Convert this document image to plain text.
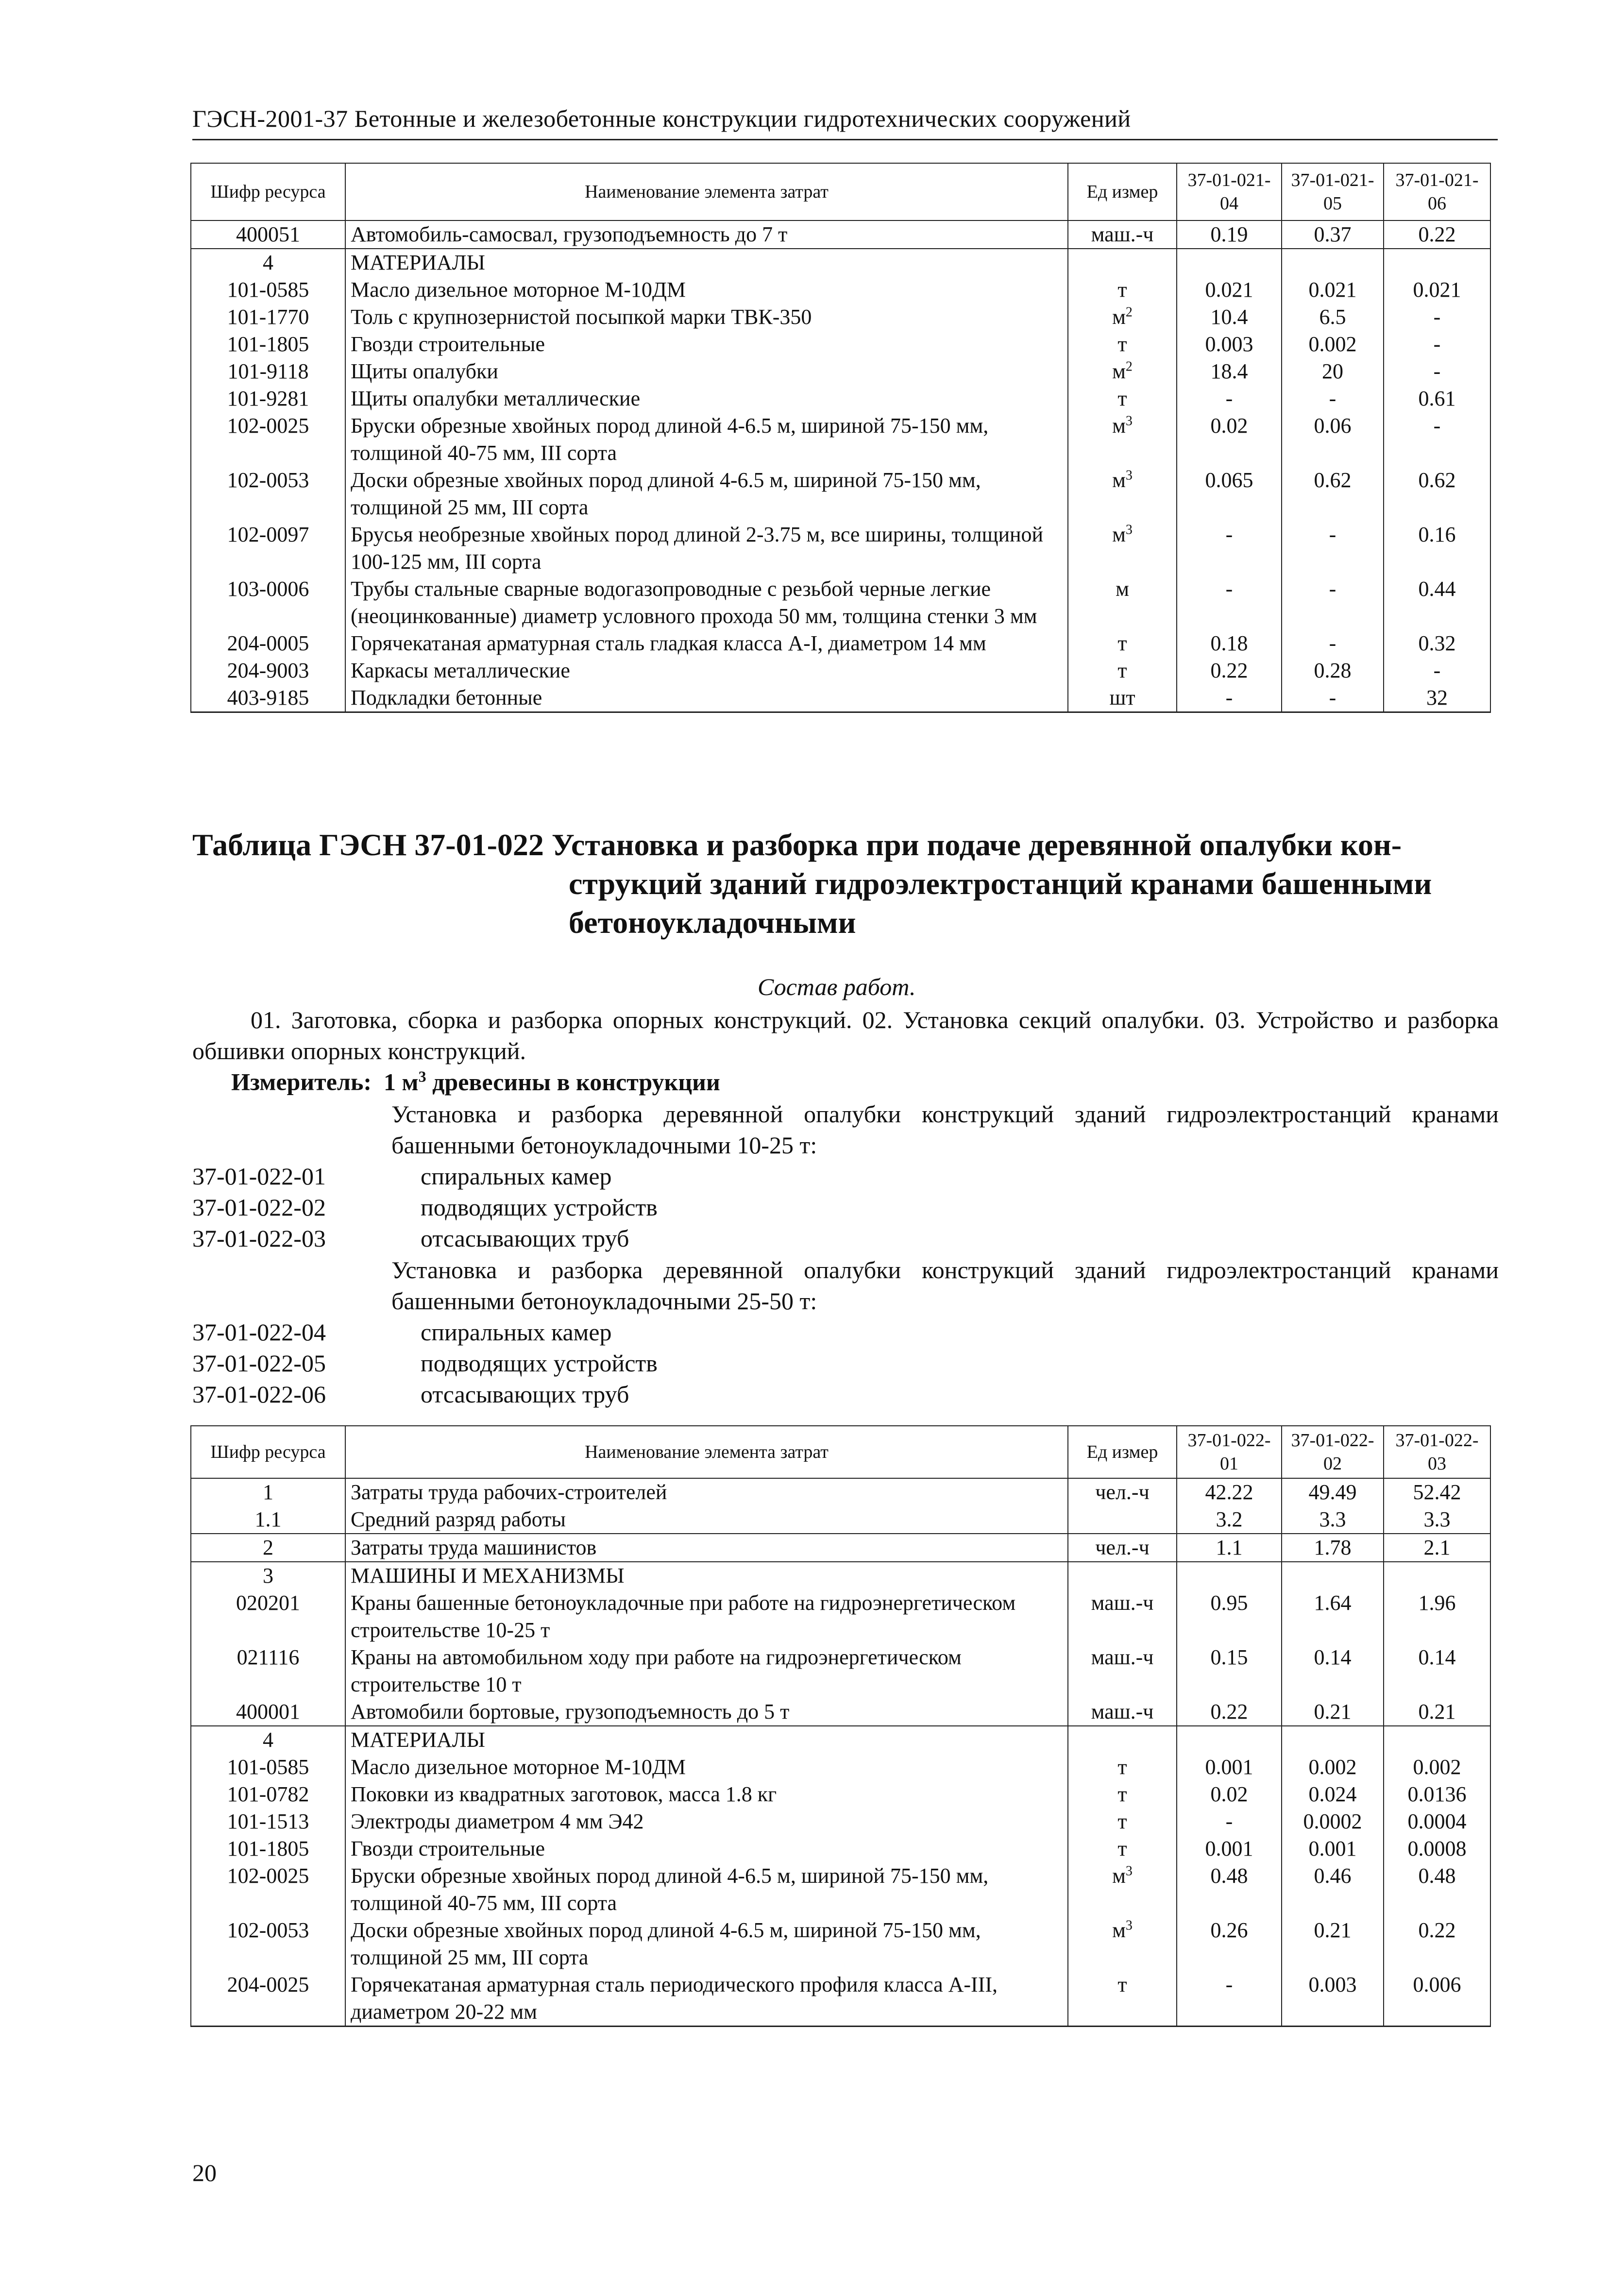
ГЭСН-2001-37 Бетонные и железобетонные конструкции гидротехнических сооружений
Шифр ресурса	Наименование элемента затрат	Ед измер	37-01-021-04	37-01-021-05	37-01-021-06
400051	Автомобиль-самосвал, грузоподъемность до 7 т	маш.-ч	0.19	0.37	0.22
4	МАТЕРИАЛЫ				
101-0585	Масло дизельное моторное М-10ДМ	т	0.021	0.021	0.021
101-1770	Толь с крупнозернистой посыпкой марки ТВК-350	$м^2$	10.4	6.5	-
101-1805	Гвозди строительные	т	0.003	0.002	-
101-9118	Щиты опалубки	$м^2$	18.4	20	-
101-9281	Щиты опалубки металлические	т	-	-	0.61
102-0025	Бруски обрезные хвойных пород длиной 4-6.5 м, шириной 75-150 мм, толщиной 40-75 мм, III сорта	$м^3$	0.02	0.06	-
102-0053	Доски обрезные хвойных пород длиной 4-6.5 м, шириной 75-150 мм, толщиной 25 мм, III сорта	$м^3$	0.065	0.62	0.62
102-0097	Брусья необрезные хвойных пород длиной 2-3.75 м, все ширины, толщиной 100-125 мм, III сорта	$м^3$	-	-	0.16
103-0006	Трубы стальные сварные водогазопроводные с резьбой черные легкие (неоцинкованные) диаметр условного прохода 50 мм, толщина стенки 3 мм	м	-	-	0.44
204-0005	Горячекатаная арматурная сталь гладкая класса А-I, диаметром 14 мм	т	0.18	-	0.32
204-9003	Каркасы металлические	т	0.22	0.28	-
403-9185	Подкладки бетонные	шт	-	-	32
Таблица ГЭСН 37-01-022 Установка и разборка при подаче деревянной опалубки кон-
струкций зданий гидроэлектростанций кранами башенными
бетоноукладочными
Состав работ.
01. Заготовка, сборка и разборка опорных конструкций. 02. Установка секций опалубки. 03. Устройство и разборка обшивки опорных конструкций.
Измеритель: 1 $м^3$ древесины в конструкции
Установка и разборка деревянной опалубки конструкций зданий гидроэлектростанций кранами башенными бетоноукладочными 10-25 т:
37-01-022-01	спиральных камер
37-01-022-02	подводящих устройств
37-01-022-03	отсасывающих труб
Установка и разборка деревянной опалубки конструкций зданий гидроэлектростанций кранами башенными бетоноукладочными 25-50 т:
37-01-022-04	спиральных камер
37-01-022-05	подводящих устройств
37-01-022-06	отсасывающих труб
Шифр ресурса	Наименование элемента затрат	Ед измер	37-01-022-01	37-01-022-02	37-01-022-03
1	Затраты труда рабочих-строителей	чел.-ч	42.22	49.49	52.42
1.1	Средний разряд работы		3.2	3.3	3.3
2	Затраты труда машинистов	чел.-ч	1.1	1.78	2.1
3	МАШИНЫ И МЕХАНИЗМЫ				
020201	Краны башенные бетоноукладочные при работе на гидроэнергетическом строительстве 10-25 т	маш.-ч	0.95	1.64	1.96
021116	Краны на автомобильном ходу при работе на гидроэнергетическом строительстве 10 т	маш.-ч	0.15	0.14	0.14
400001	Автомобили бортовые, грузоподъемность до 5 т	маш.-ч	0.22	0.21	0.21
4	МАТЕРИАЛЫ				
101-0585	Масло дизельное моторное М-10ДМ	т	0.001	0.002	0.002
101-0782	Поковки из квадратных заготовок, масса 1.8 кг	т	0.02	0.024	0.0136
101-1513	Электроды диаметром 4 мм Э42	т	-	0.0002	0.0004
101-1805	Гвозди строительные	т	0.001	0.001	0.0008
102-0025	Бруски обрезные хвойных пород длиной 4-6.5 м, шириной 75-150 мм, толщиной 40-75 мм, III сорта	$м^3$	0.48	0.46	0.48
102-0053	Доски обрезные хвойных пород длиной 4-6.5 м, шириной 75-150 мм, толщиной 25 мм, III сорта	$м^3$	0.26	0.21	0.22
204-0025	Горячекатаная арматурная сталь периодического профиля класса А-III, диаметром 20-22 мм	т	-	0.003	0.006
20
